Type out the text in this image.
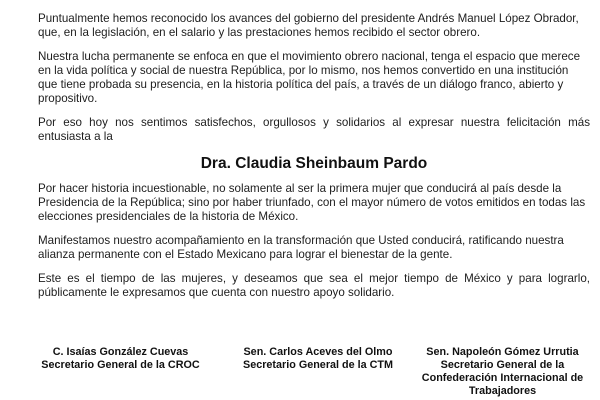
Puntualmente hemos reconocido los avances del gobierno del presidente Andrés Manuel López Obrador, que, en la legislación, en el salario y las prestaciones hemos recibido el sector obrero.

Nuestra lucha permanente se enfoca en que el movimiento obrero nacional, tenga el espacio que merece en la vida política y social de nuestra República, por lo mismo, nos hemos convertido en una institución que tiene probada su presencia, en la historia política del país, a través de un diálogo franco, abierto y propositivo.

Por eso hoy nos sentimos satisfechos, orgullosos y solidarios al expresar nuestra felicitación más entusiasta a la

Dra. Claudia Sheinbaum Pardo

Por hacer historia incuestionable, no solamente al ser la primera mujer que conducirá al país desde la Presidencia de la República; sino por haber triunfado, con el mayor número de votos emitidos en todas las elecciones presidenciales de la historia de México.

Manifestamos nuestro acompañamiento en la transformación que Usted conducirá, ratificando nuestra alianza permanente con el Estado Mexicano para lograr el bienestar de la gente.

Este es el tiempo de las mujeres, y deseamos que sea el mejor tiempo de México y para lograrlo, públicamente le expresamos que cuenta con nuestro apoyo solidario.

C. Isaías González Cuevas
Secretario General de la CROC
Sen. Carlos Aceves del Olmo
Secretario General de la CTM
Sen. Napoleón Gómez Urrutia
Secretario General de la
Confederación Internacional de
Trabajadores
